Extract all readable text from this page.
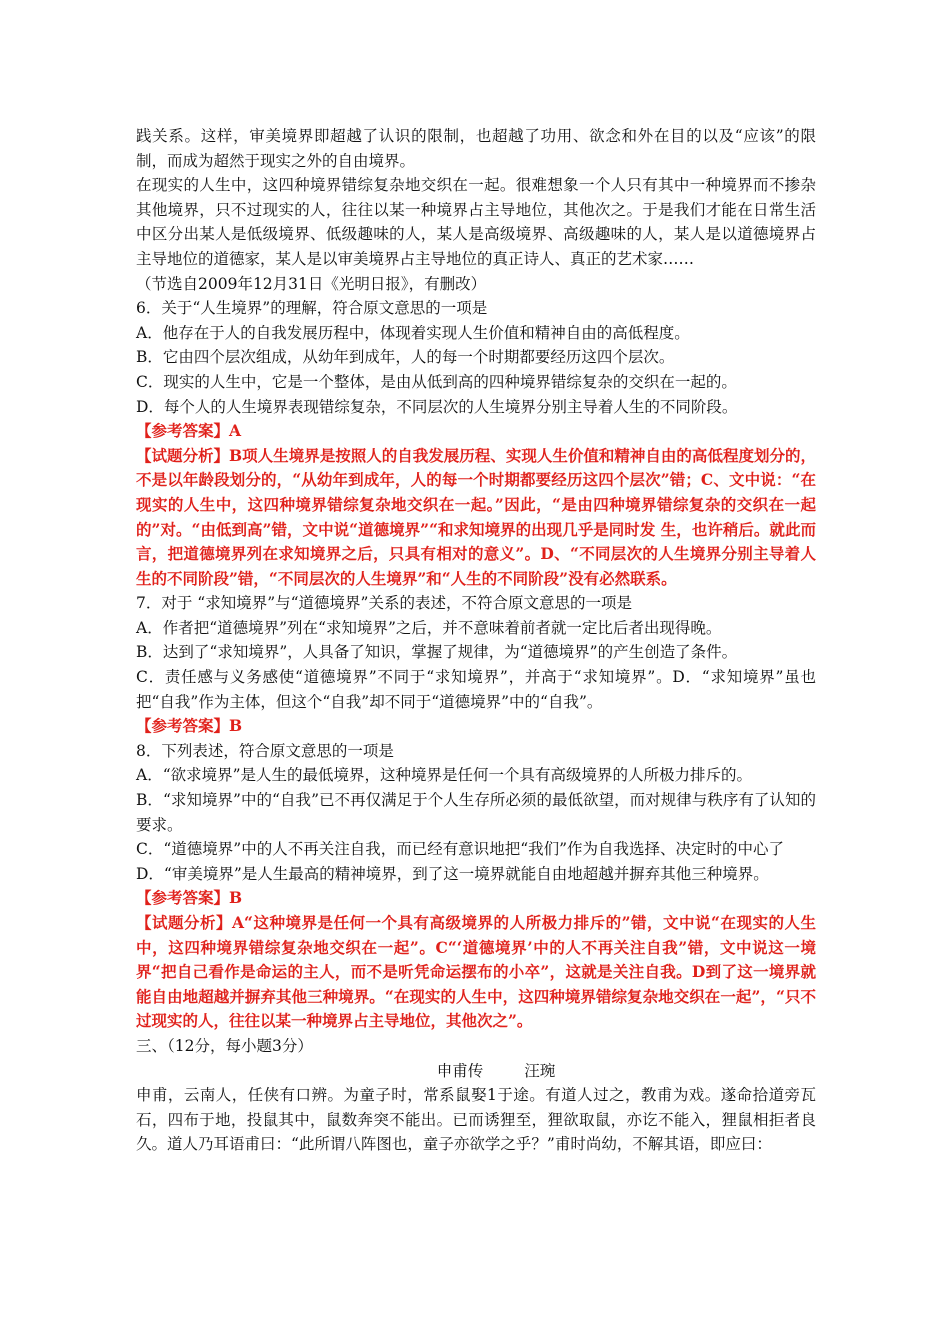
践关系。这样，审美境界即超越了认识的限制，也超越了功用、欲念和外在目的以及“应该”的限制，而成为超然于现实之外的自由境界。
在现实的人生中，这四种境界错综复杂地交织在一起。很难想象一个人只有其中一种境界而不掺杂其他境界，只不过现实的人，往往以某一种境界占主导地位，其他次之。于是我们才能在日常生活中区分出某人是低级境界、低级趣味的人，某人是高级境界、高级趣味的人，某人是以道德境界占主导地位的道德家，某人是以审美境界占主导地位的真正诗人、真正的艺术家……
（节选自2009年12月31日《光明日报》，有删改）
6．关于“人生境界”的理解，符合原文意思的一项是
A．他存在于人的自我发展历程中，体现着实现人生价值和精神自由的高低程度。
B．它由四个层次组成，从幼年到成年，人的每一个时期都要经历这四个层次。
C．现实的人生中，它是一个整体，是由从低到高的四种境界错综复杂的交织在一起的。
D．每个人的人生境界表现错综复杂，不同层次的人生境界分别主导着人生的不同阶段。
【参考答案】A
【试题分析】B项人生境界是按照人的自我发展历程、实现人生价值和精神自由的高低程度划分的，不是以年龄段划分的，“从幼年到成年，人的每一个时期都要经历这四个层次”错；C、文中说：“在现实的人生中，这四种境界错综复杂地交织在一起。”因此，“是由四种境界错综复杂的交织在一起的”对。“由低到高”错，文中说“道德境界”“和求知境界的出现几乎是同时发 生，也许稍后。就此而言，把道德境界列在求知境界之后，只具有相对的意义”。D、“不同层次的人生境界分别主导着人生的不同阶段”错，“不同层次的人生境界”和“人生的不同阶段”没有必然联系。
7．对于 “求知境界”与“道德境界”关系的表述，不符合原文意思的一项是
A．作者把“道德境界”列在“求知境界”之后，并不意味着前者就一定比后者出现得晚。
B．达到了“求知境界”，人具备了知识，掌握了规律，为“道德境界”的产生创造了条件。
C．责任感与义务感使“道德境界”不同于“求知境界”，并高于“求知境界”。D．“求知境界”虽也把“自我”作为主体，但这个“自我”却不同于“道德境界”中的“自我”。
【参考答案】B
8．下列表述，符合原文意思的一项是
A．“欲求境界”是人生的最低境界，这种境界是任何一个具有高级境界的人所极力排斥的。
B．“求知境界”中的“自我”已不再仅满足于个人生存所必须的最低欲望，而对规律与秩序有了认知的要求。
C．“道德境界”中的人不再关注自我，而已经有意识地把“我们”作为自我选择、决定时的中心了
D．“审美境界”是人生最高的精神境界，到了这一境界就能自由地超越并摒弃其他三种境界。
【参考答案】B
【试题分析】A“这种境界是任何一个具有高级境界的人所极力排斥的”错，文中说“在现实的人生中，这四种境界错综复杂地交织在一起”。C“‘道德境界’中的人不再关注自我”错，文中说这一境界“把自己看作是命运的主人，而不是听凭命运摆布的小卒”，这就是关注自我。D到了这一境界就能自由地超越并摒弃其他三种境界。“在现实的人生中，这四种境界错综复杂地交织在一起”，“只不过现实的人，往往以某一种境界占主导地位，其他次之”。
三、（12分，每小题3分）
申甫传	汪琬
申甫，云南人，任侠有口辨。为童子时，常系鼠娶1于途。有道人过之，教甫为戏。遂命拾道旁瓦石，四布于地，投鼠其中，鼠数奔突不能出。已而诱狸至，狸欲取鼠，亦讫不能入，狸鼠相拒者良久。道人乃耳语甫曰：“此所谓八阵图也，童子亦欲学之乎？”甫时尚幼，不解其语，即应曰：
